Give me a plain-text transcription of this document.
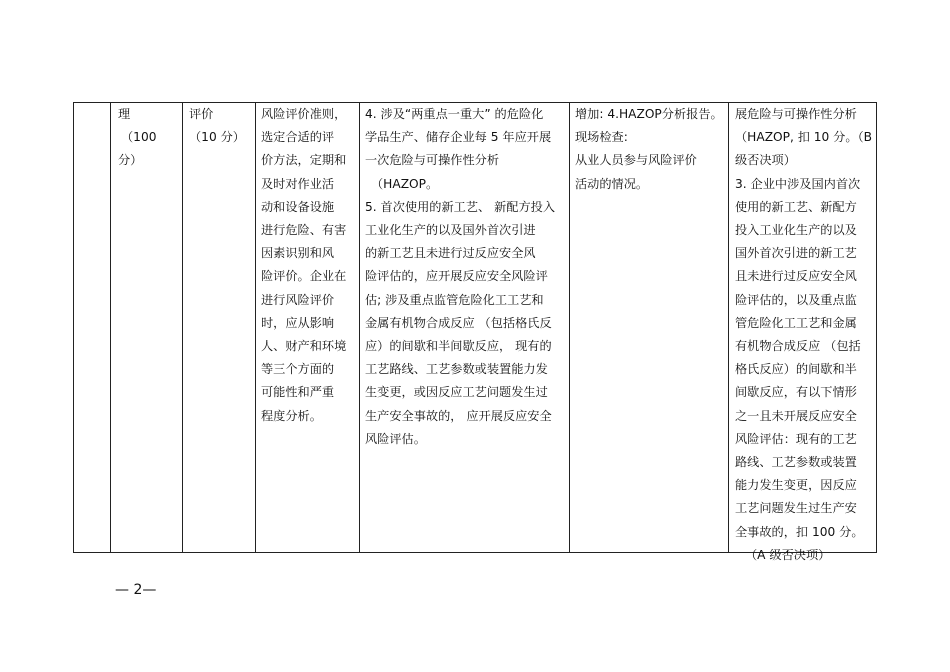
理
（100
分）
评价
（10 分）
风险评价准则，
选定合适的评
价方法，定期和
及时对作业活
动和设备设施
进行危险、有害
因素识别和风
险评价。企业在
进行风险评价
时，应从影响
人、财产和环境
等三个方面的
可能性和严重
程度分析。
4. 涉及“两重点一重大” 的危险化
学品生产、储存企业每 5 年应开展
一次危险与可操作性分析
（HAZOP。
5. 首次使用的新工艺、 新配方投入
工业化生产的以及国外首次引进
的新工艺且未进行过反应安全风
险评估的，应开展反应安全风险评
估; 涉及重点监管危险化工工艺和
金属有机物合成反应 （包括格氏反
应）的间歇和半间歇反应， 现有的
工艺路线、工艺参数或装置能力发
生变更，或因反应工艺问题发生过
生产安全事故的， 应开展反应安全
风险评估。
增加: 4.HAZOP分析报告。
现场检查:
从业人员参与风险评价
活动的情况。
展危险与可操作性分析
（HAZOP, 扣 10 分。（B
级否决项）
3. 企业中涉及国内首次
使用的新工艺、新配方
投入工业化生产的以及
国外首次引进的新工艺
且未进行过反应安全风
险评估的，以及重点监
管危险化工工艺和金属
有机物合成反应 （包括
格氏反应）的间歇和半
间歇反应，有以下情形
之一且未开展反应安全
风险评估：现有的工艺
路线、工艺参数或装置
能力发生变更，因反应
工艺问题发生过生产安
全事故的，扣 100 分。
（A 级否决项）
— 2—
